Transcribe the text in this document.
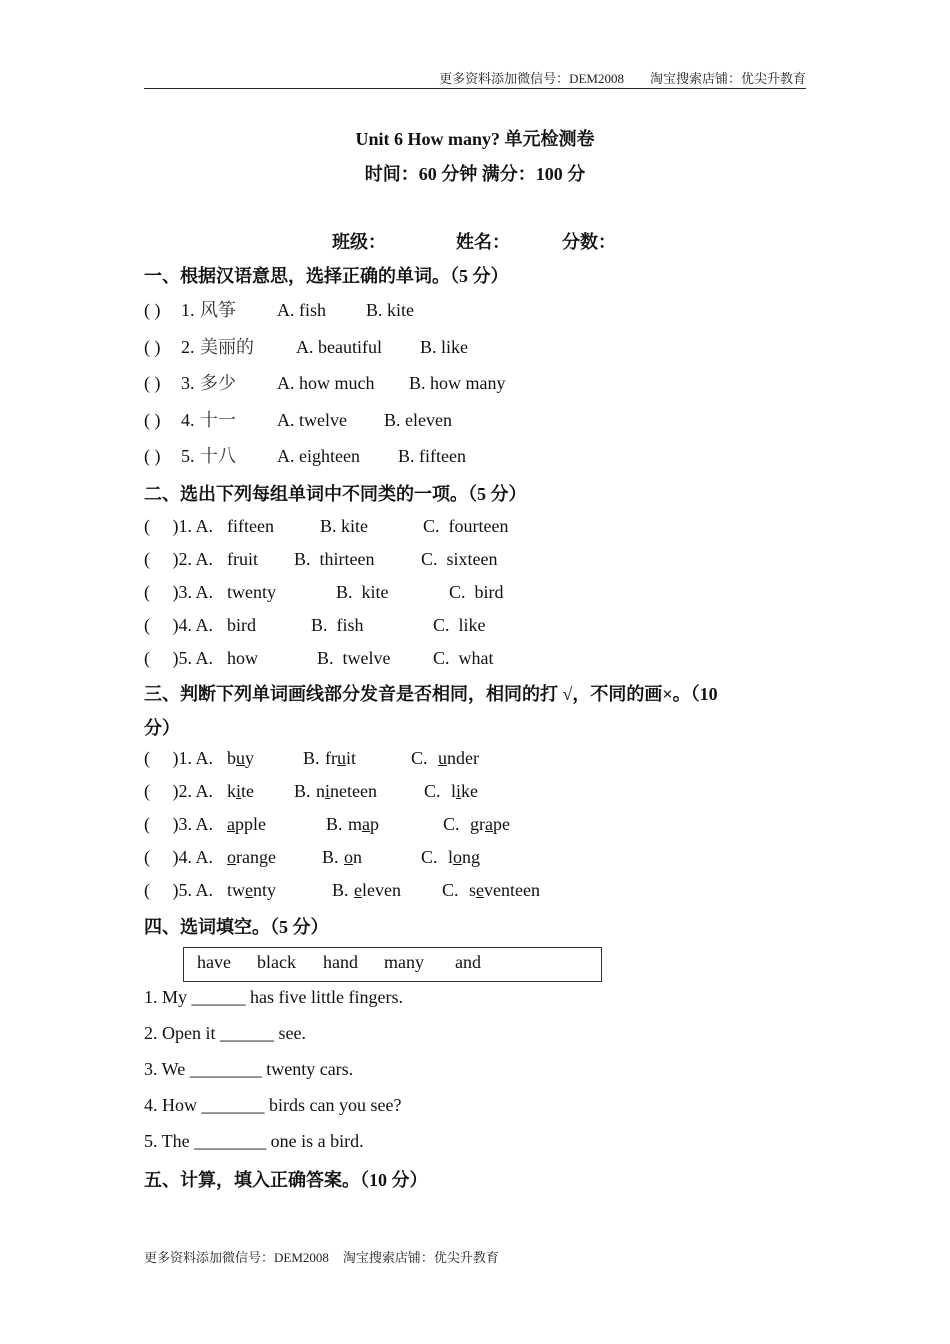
更多资料添加微信号：DEM2008 淘宝搜索店铺：优尖升教育
Unit 6 How many? 单元检测卷
时间：60 分钟 满分：100 分
班级：	姓名：	分数：
一、根据汉语意思，选择正确的单词。（5 分）
( ) 1. 风筝 A. fish B. kite
( ) 2. 美丽的 A. beautiful B. like
( ) 3. 多少 A. how much B. how many
( ) 4. 十一 A. twelve B. eleven
( ) 5. 十八 A. eighteen B. fifteen
二、选出下列每组单词中不同类的一项。（5 分）
(     )1. A. fifteen	B. kite	C.  fourteen
(     )2. A. fruit B.  thirteen	C.  sixteen
(     )3. A. twenty	B.  kite	C.  bird
(     )4. A. bird	B.  fish	C.  like
(     )5. A. how	B.  twelve C.  what
三、判断下列单词画线部分发音是否相同，相同的打 √，不同的画×。（10
分）
(     )1. A. buy	B. fruit	C. under
(     )2. A. kite B. nineteen	C. like
(     )3. A. apple	B. map	C. grape
(     )4. A. orange	B. on	C. long
(     )5. A. twenty	B. eleven C. seventeen
四、选词填空。（5 分）
have black hand many and
1. My ______ has five little fingers.
2. Open it ______ see.
3. We ________ twenty cars.
4. How _______ birds can you see?
5. The ________ one is a bird.
五、计算，填入正确答案。（10 分）
更多资料添加微信号：DEM2008 淘宝搜索店铺：优尖升教育
